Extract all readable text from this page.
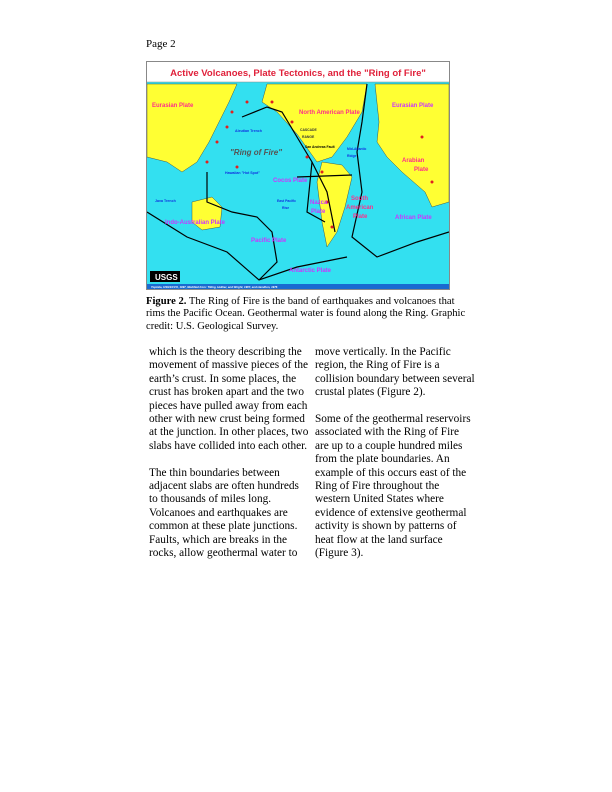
Page 2
Active Volcanoes, Plate Tectonics, and the "Ring of Fire"
Eurasian Plate
North American Plate
Eurasian Plate
Aleutian Trench	CASCADE
RANGE
San Andreas Fault	Mid-Atlantic
Ridge
"Ring of Fire"
Arabian
Plate
Hawaiian "Hot Spot"
Cocos Plate
Java Trench	East Pacific
Rise
Nazca
Plate
South
American
Plate	African Plate
Indo-Australian Plate
Pacific Plate
Antarctic Plate
USGS
Topinka, USGS/CVO, 1997, Modified from: Tilling, Heliker, and Wright, 1987, and Hamilton, 1976
Figure 2. The Ring of Fire is the band of earthquakes and volcanoes that rims the Pacific Ocean. Geothermal water is found along the Ring. Graphic credit: U.S. Geological Survey.

which is the theory describing the movement of massive pieces of the earth’s crust. In some places, the crust has broken apart and the two pieces have pulled away from each other with new crust being formed at the junction. In other places, two slabs have collided into each other.

The thin boundaries between adjacent slabs are often hundreds to thousands of miles long. Volcanoes and earthquakes are common at these plate junctions. Faults, which are breaks in the rocks, allow geothermal water to

move vertically. In the Pacific region, the Ring of Fire is a collision boundary between several crustal plates (Figure 2).

Some of the geothermal reservoirs associated with the Ring of Fire are up to a couple hundred miles from the plate boundaries. An example of this occurs east of the Ring of Fire throughout the western United States where evidence of extensive geothermal activity is shown by patterns of heat flow at the land surface (Figure 3).
